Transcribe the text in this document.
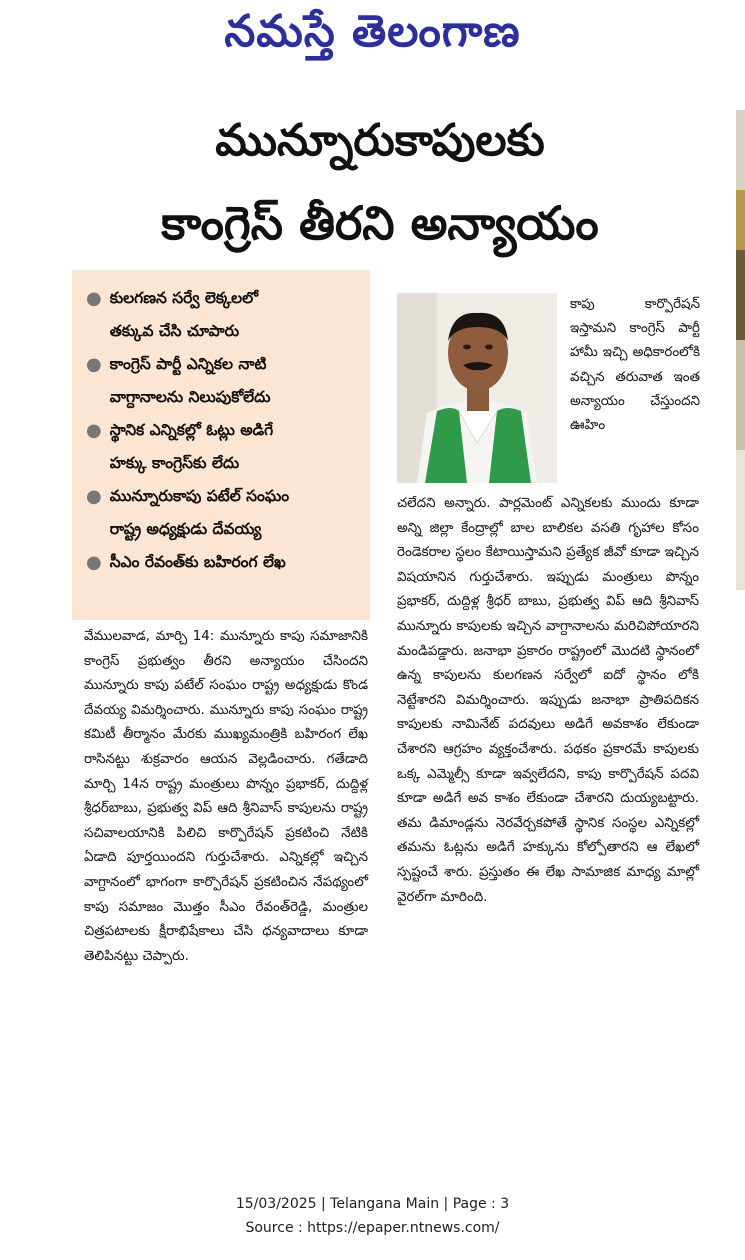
నమస్తే తెలంగాణ
మున్నూరుకాపులకు
కాంగ్రెస్ తీరని అన్యాయం
● కులగణన సర్వే లెక్కలలో
తక్కువ చేసి చూపారు
● కాంగ్రెస్ పార్టీ ఎన్నికల నాటి
వాగ్దానాలను నిలుపుకోలేదు
● స్థానిక ఎన్నికల్లో ఓట్లు అడిగే
హక్కు కాంగ్రెస్‌కు లేదు
● మున్నూరుకాపు పటేల్ సంఘం
రాష్ట్ర అధ్యక్షుడు దేవయ్య
● సీఎం రేవంత్‌కు బహిరంగ లేఖ
కాపు కార్పొరేషన్ ఇస్తామని కాంగ్రెస్ పార్టీ హామీ ఇచ్చి అధికారంలోకి వచ్చిన తరువాత ఇంత అన్యాయం చేస్తుందని ఊహిం
చలేదని అన్నారు. పార్లమెంట్ ఎన్నికలకు ముందు కూడా అన్ని జిల్లా కేంద్రాల్లో బాల బాలికల వసతి గృహాల కోసం రెండెకరాల స్థలం కేటాయిస్తామని ప్రత్యేక జీవో కూడా ఇచ్చిన విషయానిన గుర్తుచేశారు. ఇప్పుడు మంత్రులు పొన్నం ప్రభాకర్, దుద్దిళ్ల శ్రీధర్ బాబు, ప్రభుత్వ విప్ ఆది శ్రీనివాస్ మున్నూరు కాపులకు ఇచ్చిన వాగ్దానాలను మరిచిపోయారని మండిపడ్డారు. జనాభా ప్రకారం రాష్ట్రంలో మొదటి స్థానంలో ఉన్న కాపులను కులగణన సర్వేలో ఐదో స్థానం లోకి నెట్టేశారని విమర్శించారు. ఇప్పుడు జనాభా ప్రాతిపదికన కాపులకు నామినేట్ పదవులు అడిగే అవకాశం లేకుండా చేశారని ఆగ్రహం వ్యక్తంచేశారు. పథకం ప్రకారమే కాపులకు ఒక్క ఎమ్మెల్సీ కూడా ఇవ్వలేదని, కాపు కార్పొరేషన్ పదవి కూడా అడిగే అవ కాశం లేకుండా చేశారని దుయ్యబట్టారు. తమ డిమాండ్లను నెరవేర్చకపోతే స్థానిక సంస్థల ఎన్నికల్లో తమను ఓట్లను అడిగే హక్కును కోల్పోతారని ఆ లేఖలో స్పష్టంచే శారు. ప్రస్తుతం ఈ లేఖ సామాజిక మాధ్య మాల్లో వైరల్‌గా మారింది.
వేములవాడ, మార్చి 14: మున్నూరు కాపు సమాజానికి కాంగ్రెస్ ప్రభుత్వం తీరని అన్యాయం చేసిందని మున్నూరు కాపు పటేల్ సంఘం రాష్ట్ర అధ్యక్షుడు కొండ దేవయ్య విమర్శించారు. మున్నూరు కాపు సంఘం రాష్ట్ర కమిటీ తీర్మానం మేరకు ముఖ్యమంత్రికి బహిరంగ లేఖ రాసినట్టు శుక్రవారం ఆయన వెల్లడించారు. గతేడాది మార్చి 14న రాష్ట్ర మంత్రులు పొన్నం ప్రభాకర్, దుద్దిళ్ల శ్రీధర్‌బాబు, ప్రభుత్వ విప్ ఆది శ్రీనివాస్ కాపులను రాష్ట్ర సచివాలయానికి పిలిచి కార్పొరేషన్ ప్రకటించి నేటికి ఏడాది పూర్తయిందని గుర్తుచేశారు. ఎన్నికల్లో ఇచ్చిన వాగ్దానంలో భాగంగా కార్పొరేషన్ ప్రకటించిన నేపథ్యంలో కాపు సమాజం మొత్తం సీఎం రేవంత్‌రెడ్డి, మంత్రుల చిత్రపటాలకు క్షీరాభిషేకాలు చేసి ధన్యవాదాలు కూడా తెలిపినట్టు చెప్పారు.
15/03/2025 | Telangana Main | Page : 3
Source : https://epaper.ntnews.com/
